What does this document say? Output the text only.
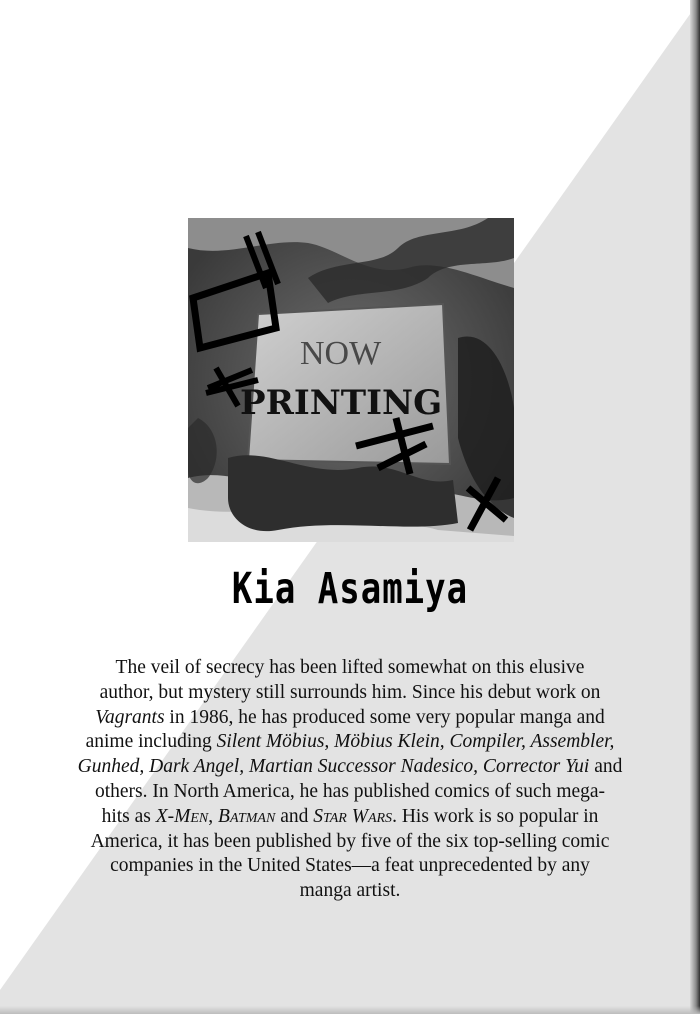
NOW
PRINTING
Kia Asamiya
The veil of secrecy has been lifted somewhat on this elusive
author, but mystery still surrounds him. Since his debut work on
Vagrants in 1986, he has produced some very popular manga and
anime including Silent Möbius, Möbius Klein, Compiler, Assembler,
Gunhed, Dark Angel, Martian Successor Nadesico, Corrector Yui and
others. In North America, he has published comics of such mega-
hits as X-Men, Batman and Star Wars. His work is so popular in
America, it has been published by five of the six top-selling comic
companies in the United States—a feat unprecedented by any
manga artist.
